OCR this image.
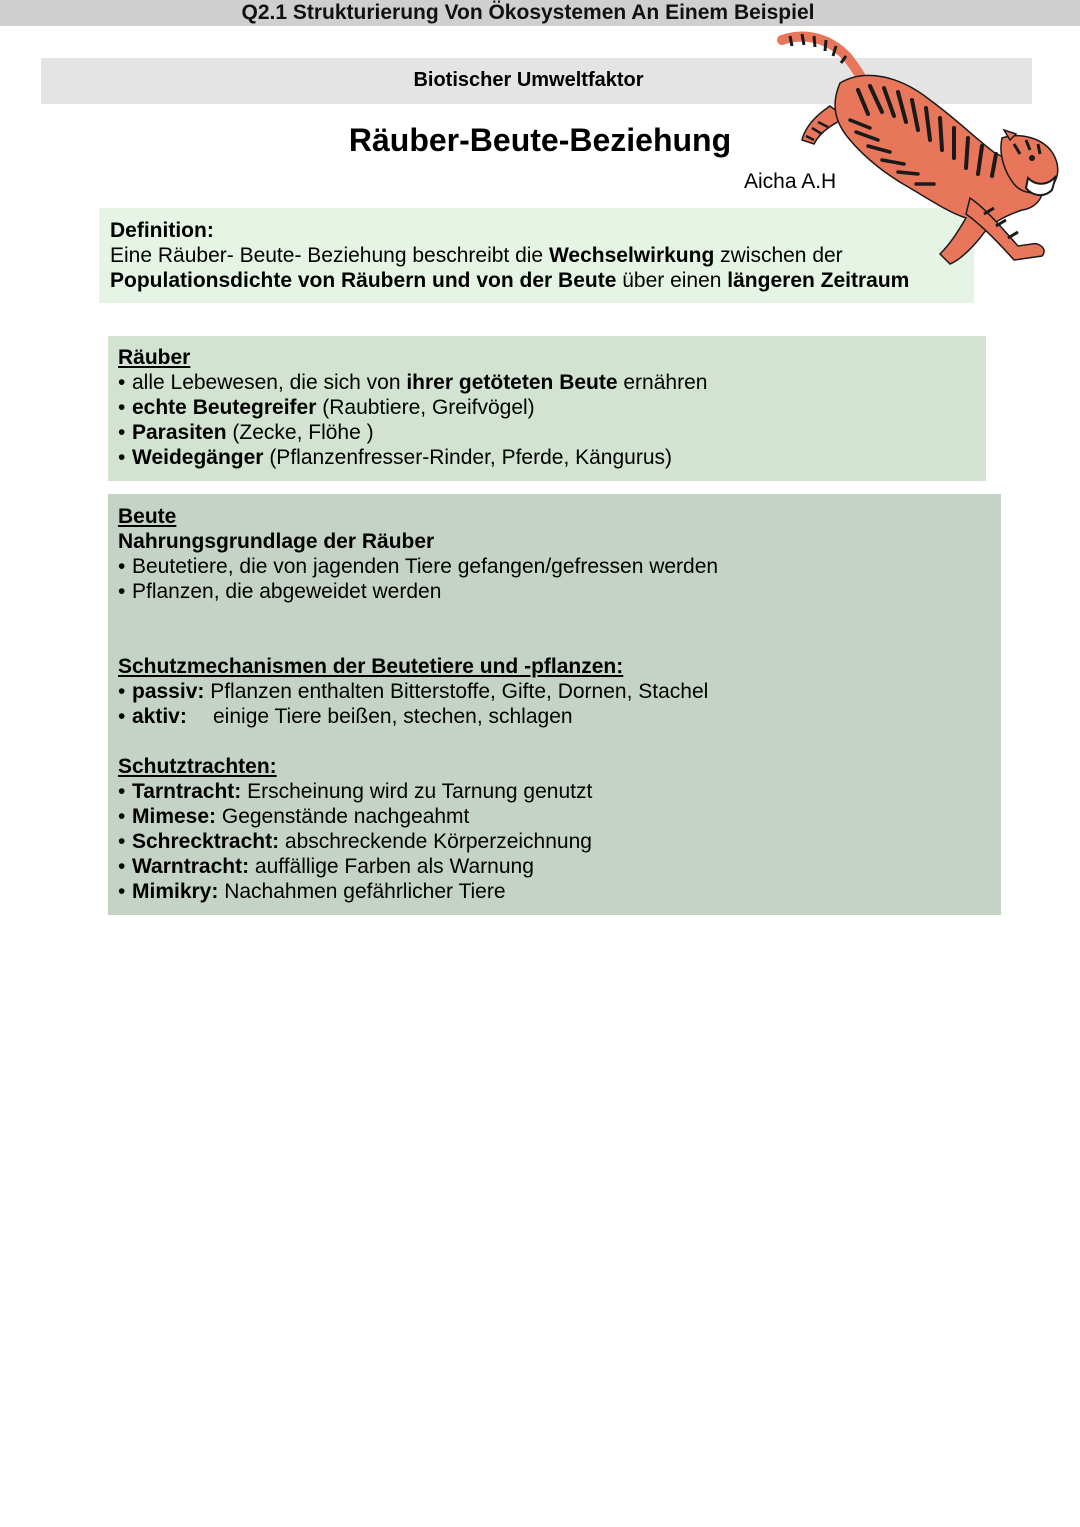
Q2.1 Strukturierung Von Ökosystemen An Einem Beispiel
Biotischer Umweltfaktor
Räuber-Beute-Beziehung
Aicha A.H

Definition:

Eine Räuber- Beute- Beziehung beschreibt die Wechselwirkung zwischen der

Populationsdichte von Räubern und von der Beute über einen längeren Zeitraum

Räuber

• alle Lebewesen, die sich von ihrer getöteten Beute ernähren

• echte Beutegreifer (Raubtiere, Greifvögel)

• Parasiten (Zecke, Flöhe )

• Weidegänger (Pflanzenfresser-Rinder, Pferde, Kängurus)

Beute

Nahrungsgrundlage der Räuber

• Beutetiere, die von jagenden Tiere gefangen/gefressen werden

• Pflanzen, die abgeweidet werden

Schutzmechanismen der Beutetiere und -pflanzen:

• passiv: Pflanzen enthalten Bitterstoffe, Gifte, Dornen, Stachel

• aktiv: einige Tiere beißen, stechen, schlagen

Schutztrachten:

• Tarntracht: Erscheinung wird zu Tarnung genutzt

• Mimese: Gegenstände nachgeahmt

• Schrecktracht: abschreckende Körperzeichnung

• Warntracht: auffällige Farben als Warnung

• Mimikry: Nachahmen gefährlicher Tiere
